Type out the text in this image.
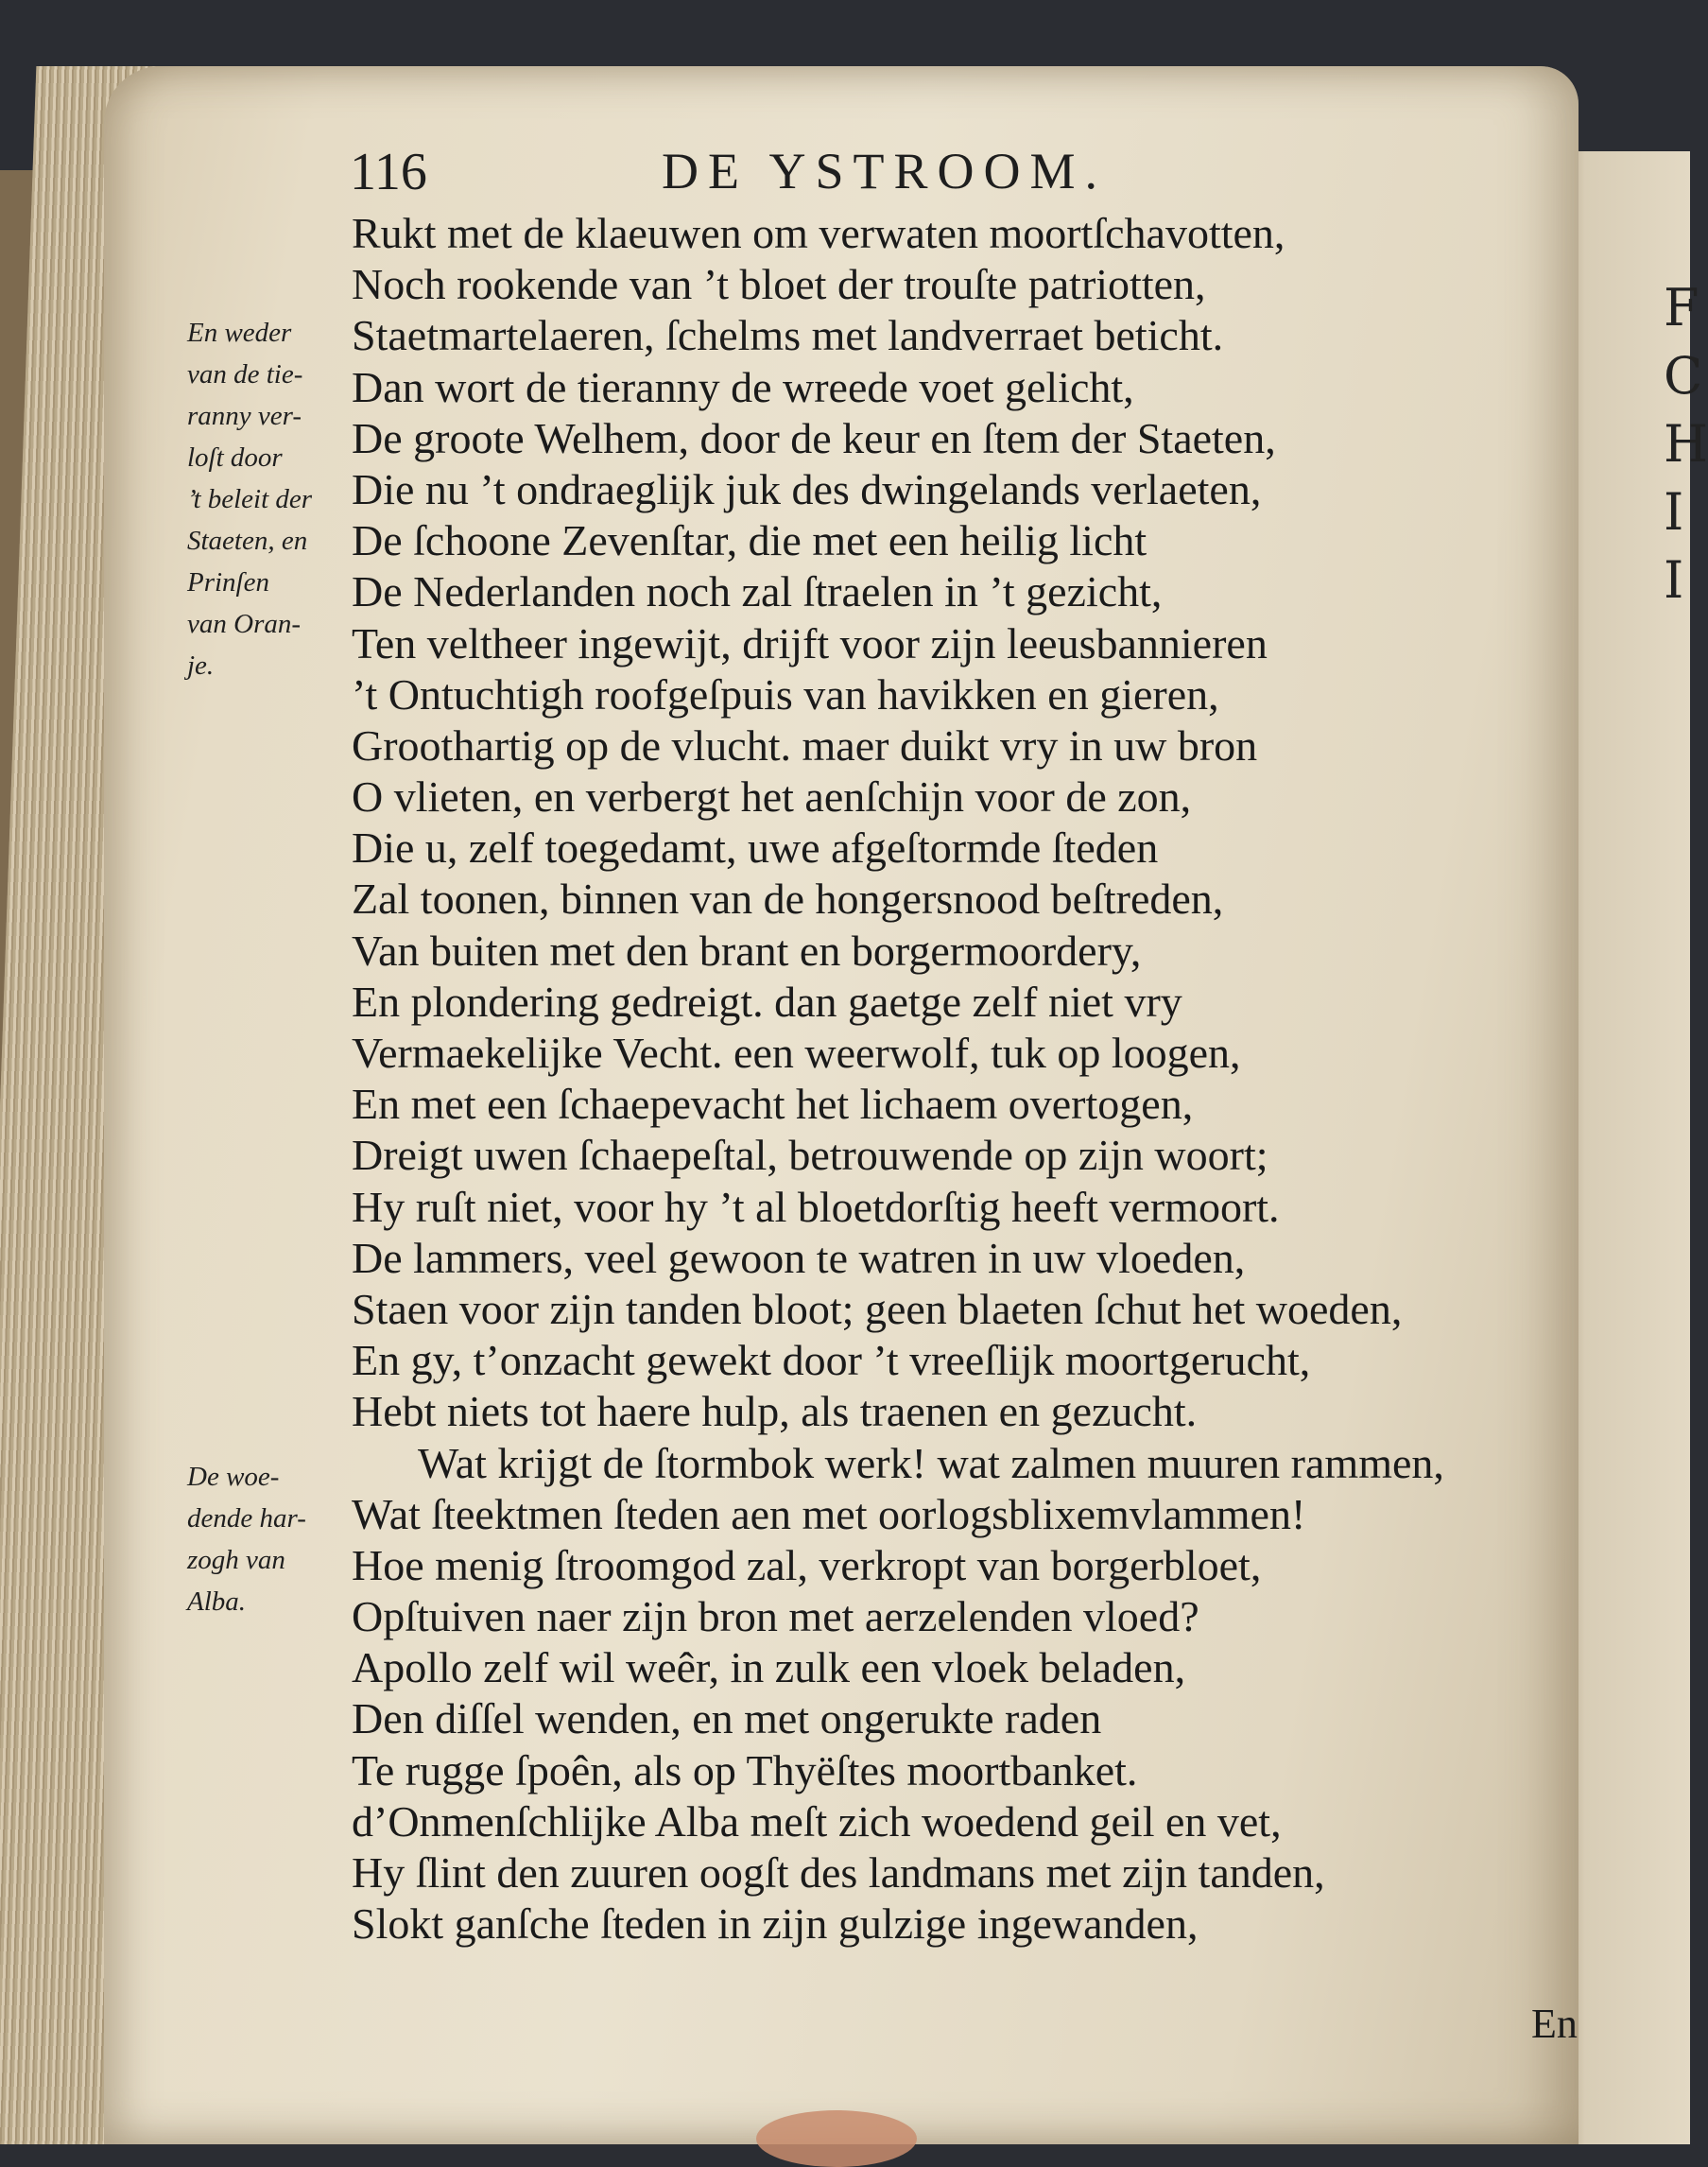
F
C
H
I
I
116	DE YSTROOM.
En weder
van de tie-
ranny ver-
loſt door
’t beleit der
Staeten, en
Prinſen
van Oran-
je.
De woe-
dende har-
zogh van
Alba.
Rukt met de klaeuwen om verwaten moortſchavotten,
Noch rookende van ’t bloet der trouſte patriotten,
Staetmartelaeren, ſchelms met landverraet beticht.
Dan wort de tieranny de wreede voet gelicht,
De groote Welhem, door de keur en ſtem der Staeten,
Die nu ’t ondraeglijk juk des dwingelands verlaeten,
De ſchoone Zevenſtar, die met een heilig licht
De Nederlanden noch zal ſtraelen in ’t gezicht,
Ten veltheer ingewijt, drijft voor zijn leeusbannieren
’t Ontuchtigh roofgeſpuis van havikken en gieren,
Groothartig op de vlucht. maer duikt vry in uw bron
O vlieten, en verbergt het aenſchijn voor de zon,
Die u, zelf toegedamt, uwe afgeſtormde ſteden
Zal toonen, binnen van de hongersnood beſtreden,
Van buiten met den brant en borgermoordery,
En plondering gedreigt. dan gaetge zelf niet vry
Vermaekelijke Vecht. een weerwolf, tuk op loogen,
En met een ſchaepevacht het lichaem overtogen,
Dreigt uwen ſchaepeſtal, betrouwende op zijn woort;
Hy ruſt niet, voor hy ’t al bloetdorſtig heeft vermoort.
De lammers, veel gewoon te watren in uw vloeden,
Staen voor zijn tanden bloot; geen blaeten ſchut het woeden,
En gy, t’onzacht gewekt door ’t vreeſlijk moortgerucht,
Hebt niets tot haere hulp, als traenen en gezucht.
Wat krijgt de ſtormbok werk! wat zalmen muuren rammen,
Wat ſteektmen ſteden aen met oorlogsblixemvlammen!
Hoe menig ſtroomgod zal, verkropt van borgerbloet,
Opſtuiven naer zijn bron met aerzelenden vloed?
Apollo zelf wil weêr, in zulk een vloek beladen,
Den diſſel wenden, en met ongerukte raden
Te rugge ſpoên, als op Thyëſtes moortbanket.
d’Onmenſchlijke Alba meſt zich woedend geil en vet,
Hy ſlint den zuuren oogſt des landmans met zijn tanden,
Slokt ganſche ſteden in zijn gulzige ingewanden,
En
